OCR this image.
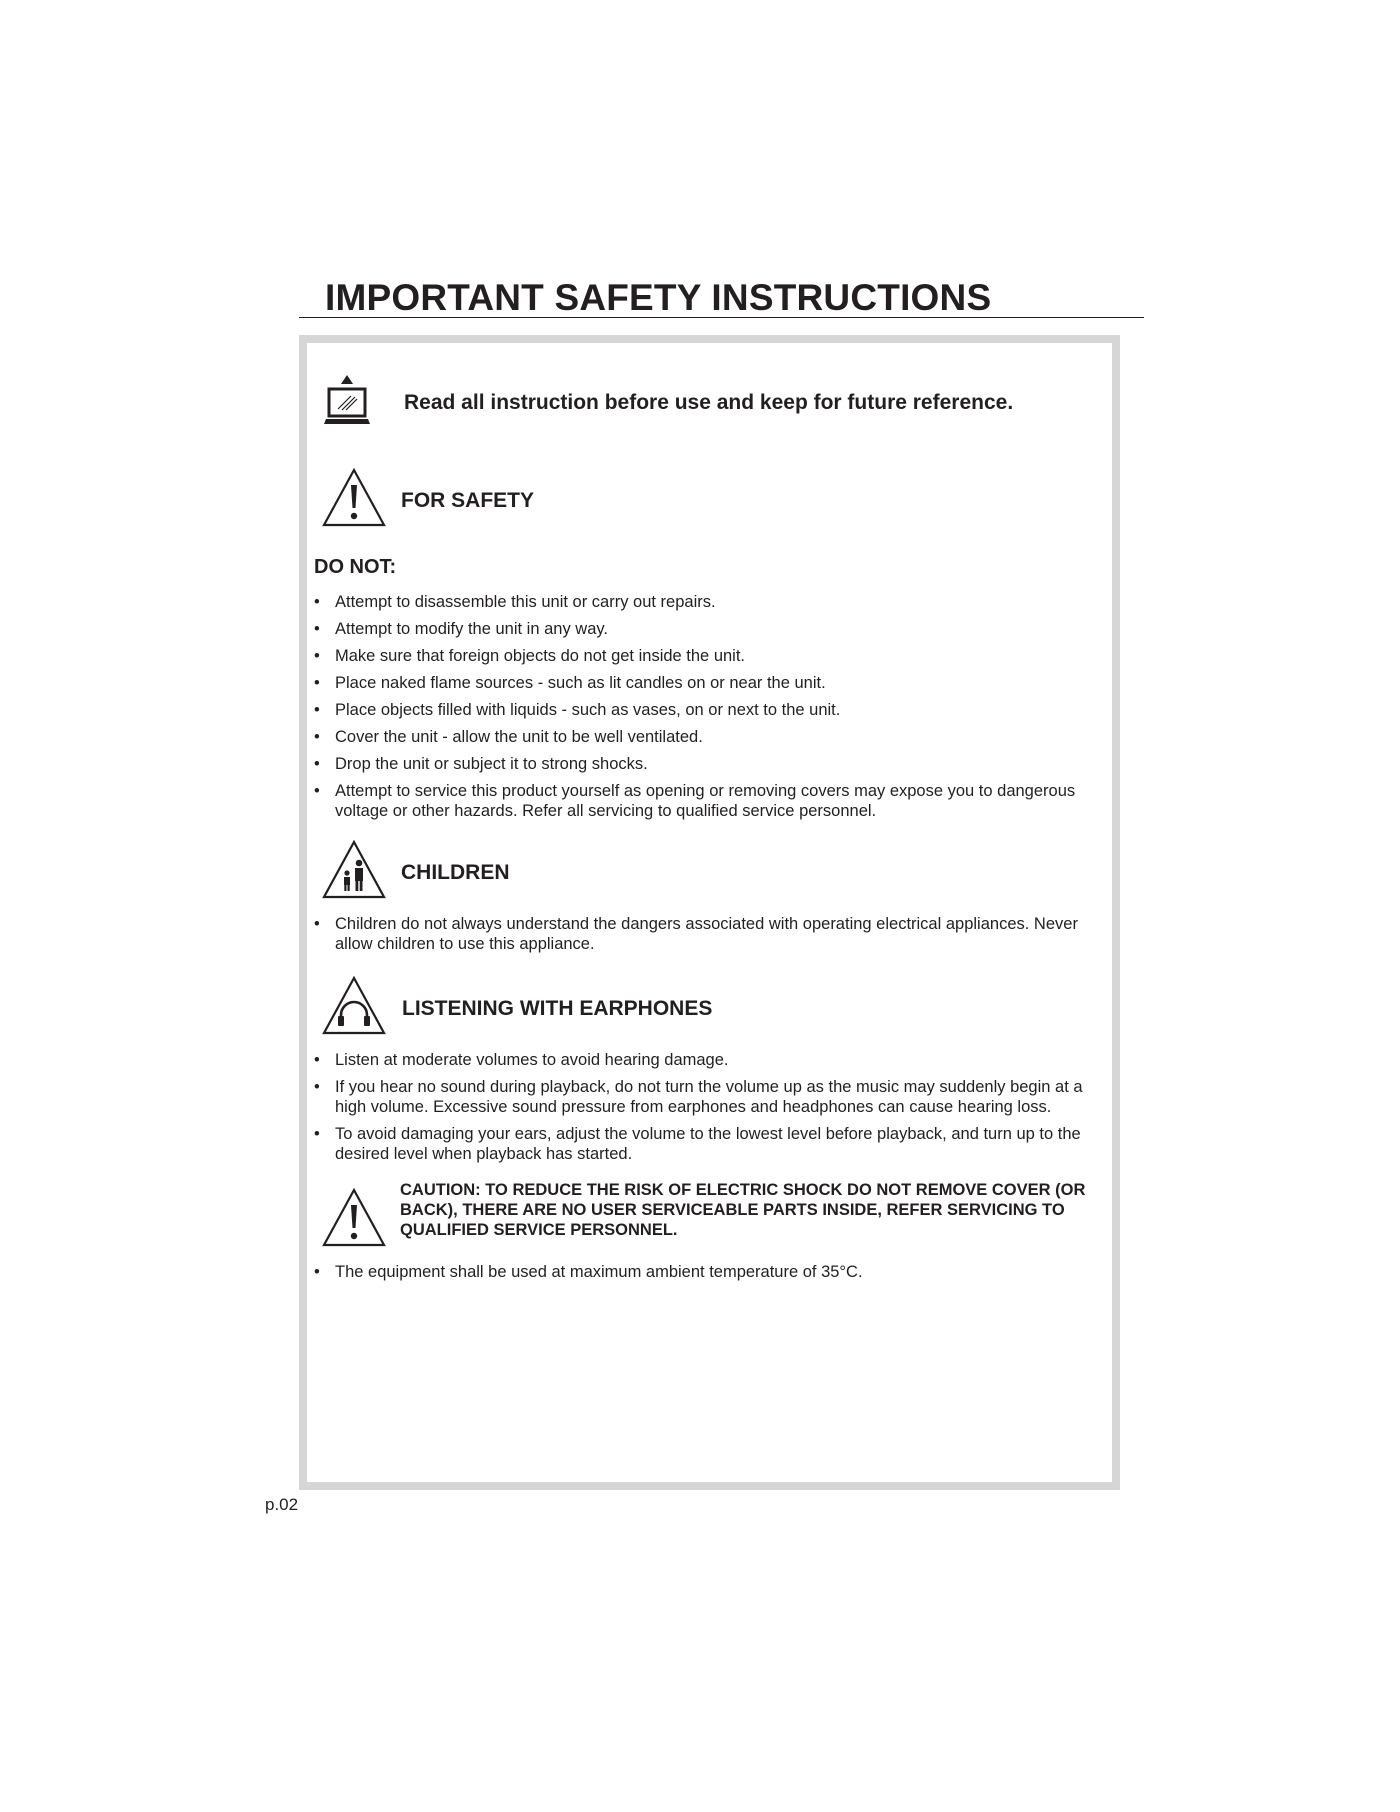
IMPORTANT SAFETY INSTRUCTIONS
Read all instruction before use and keep for future reference.
FOR SAFETY
DO NOT:
• Attempt to disassemble this unit or carry out repairs.
• Attempt to modify the unit in any way.
• Make sure that foreign objects do not get inside the unit.
• Place naked flame sources - such as lit candles on or near the unit.
• Place objects filled with liquids - such as vases, on or next to the unit.
• Cover the unit - allow the unit to be well ventilated.
• Drop the unit or subject it to strong shocks.
• Attempt to service this product yourself as opening or removing covers may expose you to dangerous voltage or other hazards. Refer all servicing to qualified service personnel.
CHILDREN
• Children do not always understand the dangers associated with operating electrical appliances. Never allow children to use this appliance.
LISTENING WITH EARPHONES
• Listen at moderate volumes to avoid hearing damage.
• If you hear no sound during playback, do not turn the volume up as the music may suddenly begin at a high volume. Excessive sound pressure from earphones and headphones can cause hearing loss.
• To avoid damaging your ears, adjust the volume to the lowest level before playback, and turn up to the desired level when playback has started.
CAUTION: TO REDUCE THE RISK OF ELECTRIC SHOCK DO NOT REMOVE COVER (OR BACK), THERE ARE NO USER SERVICEABLE PARTS INSIDE, REFER SERVICING TO QUALIFIED SERVICE PERSONNEL.
• The equipment shall be used at maximum ambient temperature of 35°C.
p.02
